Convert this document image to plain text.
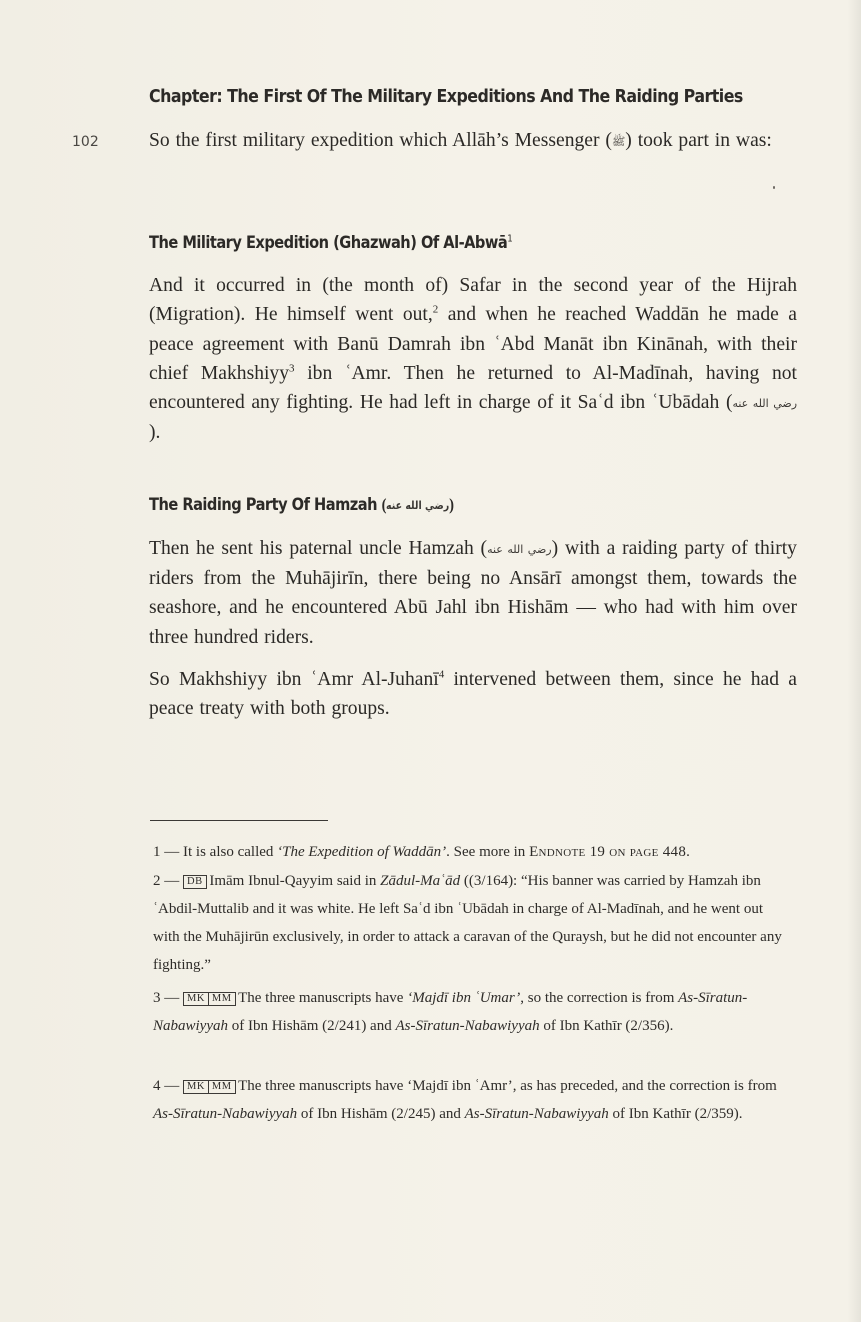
Chapter: The First Of The Military Expeditions And The Raiding Parties
102	So the first military expedition which Allāh’s Messenger (ﷺ) took part in was:

The Military Expedition (Ghazwah) Of Al-Abwā$^1$

And it occurred in (the month of) Safar in the second year of the Hijrah (Migration). He himself went out,$^2$ and when he reached Waddān he made a peace agreement with Banū Damrah ibn ʿAbd Manāt ibn Kinānah, with their chief Makhshiyy$^3$ ibn ʿAmr. Then he returned to Al-Madīnah, having not encountered any fighting. He had left in charge of it Saʿd ibn ʿUbādah (رضي الله عنه).

The Raiding Party Of Hamzah (رضي الله عنه)

Then he sent his paternal uncle Hamzah (رضي الله عنه) with a raiding party of thirty riders from the Muhājirīn, there being no Ansārī amongst them, towards the seashore, and he encountered Abū Jahl ibn Hishām — who had with him over three hundred riders.

So Makhshiyy ibn ʿAmr Al-Juhanī$^4$ intervened between them, since he had a peace treaty with both groups.

1 — It is also called ‘The Expedition of Waddān’. See more in Endnote 19 on page 448.

2 — DB Imām Ibnul-Qayyim said in Zādul-Maʿād ((3/164): “His banner was carried by Hamzah ibn ʿAbdil-Muttalib and it was white. He left Saʿd ibn ʿUbādah in charge of Al-Madīnah, and he went out with the Muhājirūn exclusively, in order to attack a caravan of the Quraysh, but he did not encounter any fighting.”

3 — MK MM The three manuscripts have ‘Majdī ibn ʿUmar’, so the correction is from As-Sīratun-Nabawiyyah of Ibn Hishām (2/241) and As-Sīratun-Nabawiyyah of Ibn Kathīr (2/356).

4 — MK MM The three manuscripts have ‘Majdī ibn ʿAmr’, as has preceded, and the correction is from As-Sīratun-Nabawiyyah of Ibn Hishām (2/245) and As-Sīratun-Nabawiyyah of Ibn Kathīr (2/359).
